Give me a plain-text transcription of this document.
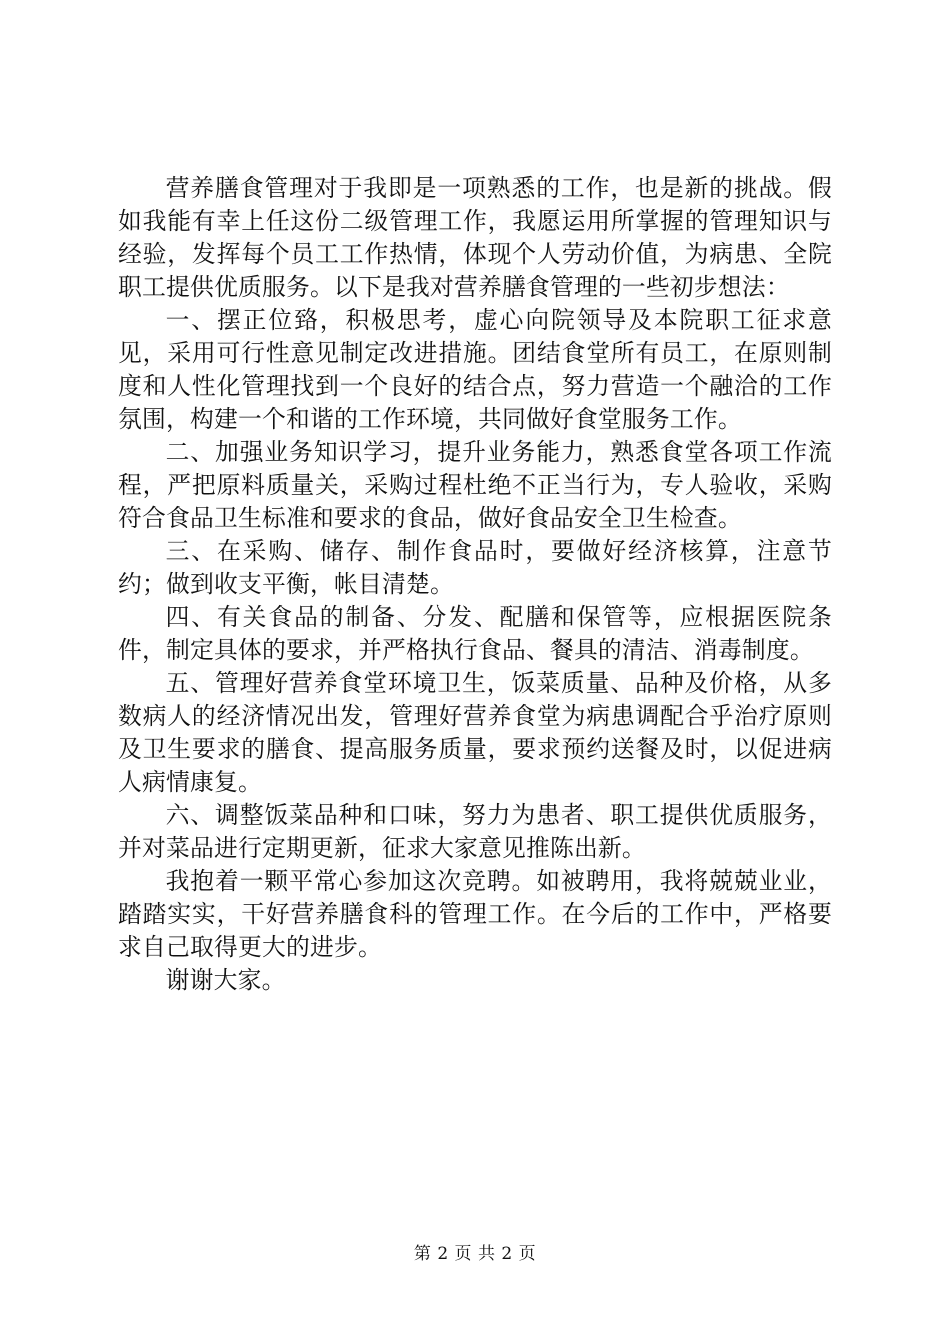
营养膳食管理对于我即是一项熟悉的工作，也是新的挑战。假如我能有幸上任这份二级管理工作，我愿运用所掌握的管理知识与经验，发挥每个员工工作热情，体现个人劳动价值，为病患、全院职工提供优质服务。以下是我对营养膳食管理的一些初步想法：

一、摆正位臵，积极思考，虚心向院领导及本院职工征求意见，采用可行性意见制定改进措施。团结食堂所有员工，在原则制度和人性化管理找到一个良好的结合点，努力营造一个融洽的工作氛围，构建一个和谐的工作环境，共同做好食堂服务工作。

二、加强业务知识学习，提升业务能力，熟悉食堂各项工作流程，严把原料质量关，采购过程杜绝不正当行为，专人验收，采购符合食品卫生标准和要求的食品，做好食品安全卫生检查。

三、在采购、储存、制作食品时，要做好经济核算，注意节约；做到收支平衡，帐目清楚。

四、有关食品的制备、分发、配膳和保管等，应根据医院条件，制定具体的要求，并严格执行食品、餐具的清洁、消毒制度。

五、管理好营养食堂环境卫生，饭菜质量、品种及价格，从多数病人的经济情况出发，管理好营养食堂为病患调配合乎治疗原则及卫生要求的膳食、提高服务质量，要求预约送餐及时，以促进病人病情康复。

六、调整饭菜品种和口味，努力为患者、职工提供优质服务，并对菜品进行定期更新，征求大家意见推陈出新。

我抱着一颗平常心参加这次竞聘。如被聘用，我将兢兢业业，踏踏实实，干好营养膳食科的管理工作。在今后的工作中，严格要求自己取得更大的进步。

谢谢大家。

第 2 页 共 2 页
